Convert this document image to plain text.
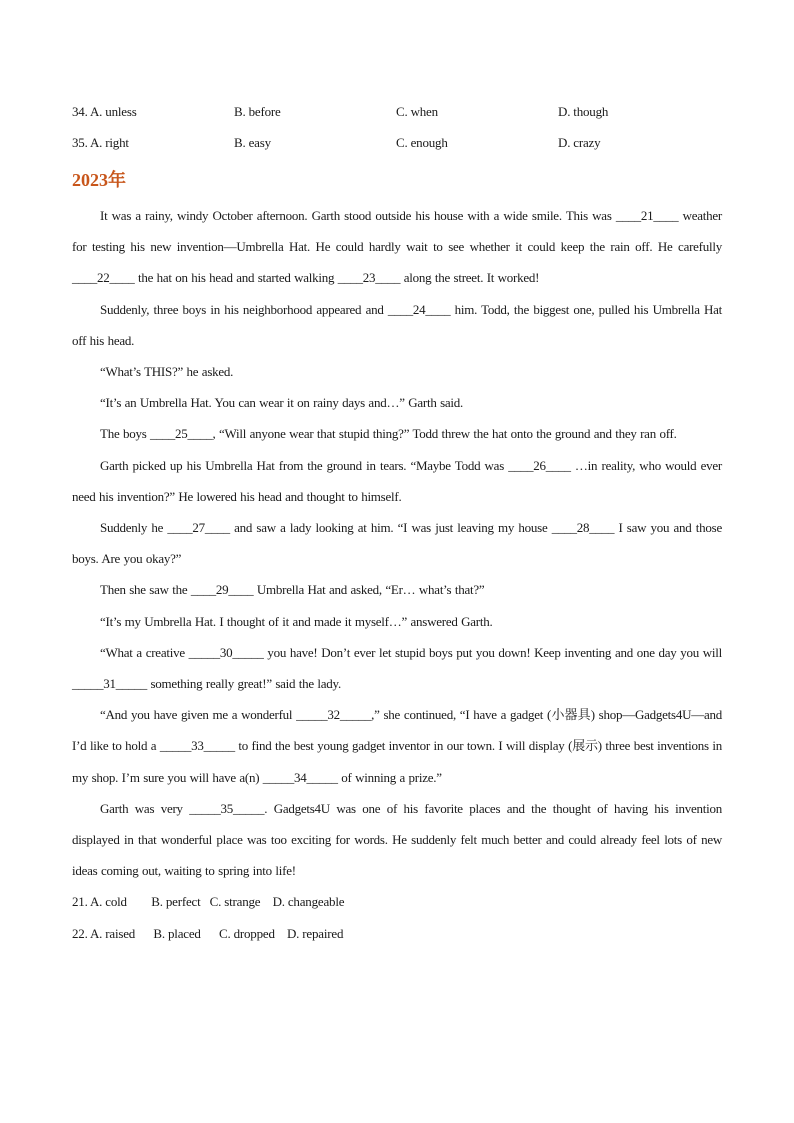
34. A. unless	B. before	C. when	D. though
35. A. right	B. easy	C. enough	D. crazy
2023年

It was a rainy, windy October afternoon. Garth stood outside his house with a wide smile. This was ____21____ weather for testing his new invention—Umbrella Hat. He could hardly wait to see whether it could keep the rain off. He carefully ____22____ the hat on his head and started walking ____23____ along the street. It worked!

Suddenly, three boys in his neighborhood appeared and ____24____ him. Todd, the biggest one, pulled his Umbrella Hat off his head.

“What’s THIS?” he asked.

“It’s an Umbrella Hat. You can wear it on rainy days and…” Garth said.

The boys ____25____, “Will anyone wear that stupid thing?” Todd threw the hat onto the ground and they ran off.

Garth picked up his Umbrella Hat from the ground in tears. “Maybe Todd was ____26____ …in reality, who would ever need his invention?” He lowered his head and thought to himself.

Suddenly he ____27____ and saw a lady looking at him. “I was just leaving my house ____28____ I saw you and those boys. Are you okay?”

Then she saw the ____29____ Umbrella Hat and asked, “Er… what’s that?”

“It’s my Umbrella Hat. I thought of it and made it myself…” answered Garth.

“What a creative _____30_____ you have! Don’t ever let stupid boys put you down! Keep inventing and one day you will _____31_____ something really great!” said the lady.

“And you have given me a wonderful _____32_____,” she continued, “I have a gadget (小器具) shop—Gadgets4U—and I’d like to hold a _____33_____ to find the best young gadget inventor in our town. I will display (展示) three best inventions in my shop. I’m sure you will have a(n) _____34_____ of winning a prize.”

Garth was very _____35_____. Gadgets4U was one of his favorite places and the thought of having his invention displayed in that wonderful place was too exciting for words. He suddenly felt much better and could already feel lots of new ideas coming out, waiting to spring into life!

21. A. cold        B. perfect   C. strange    D. changeable
22. A. raised      B. placed      C. dropped    D. repaired
